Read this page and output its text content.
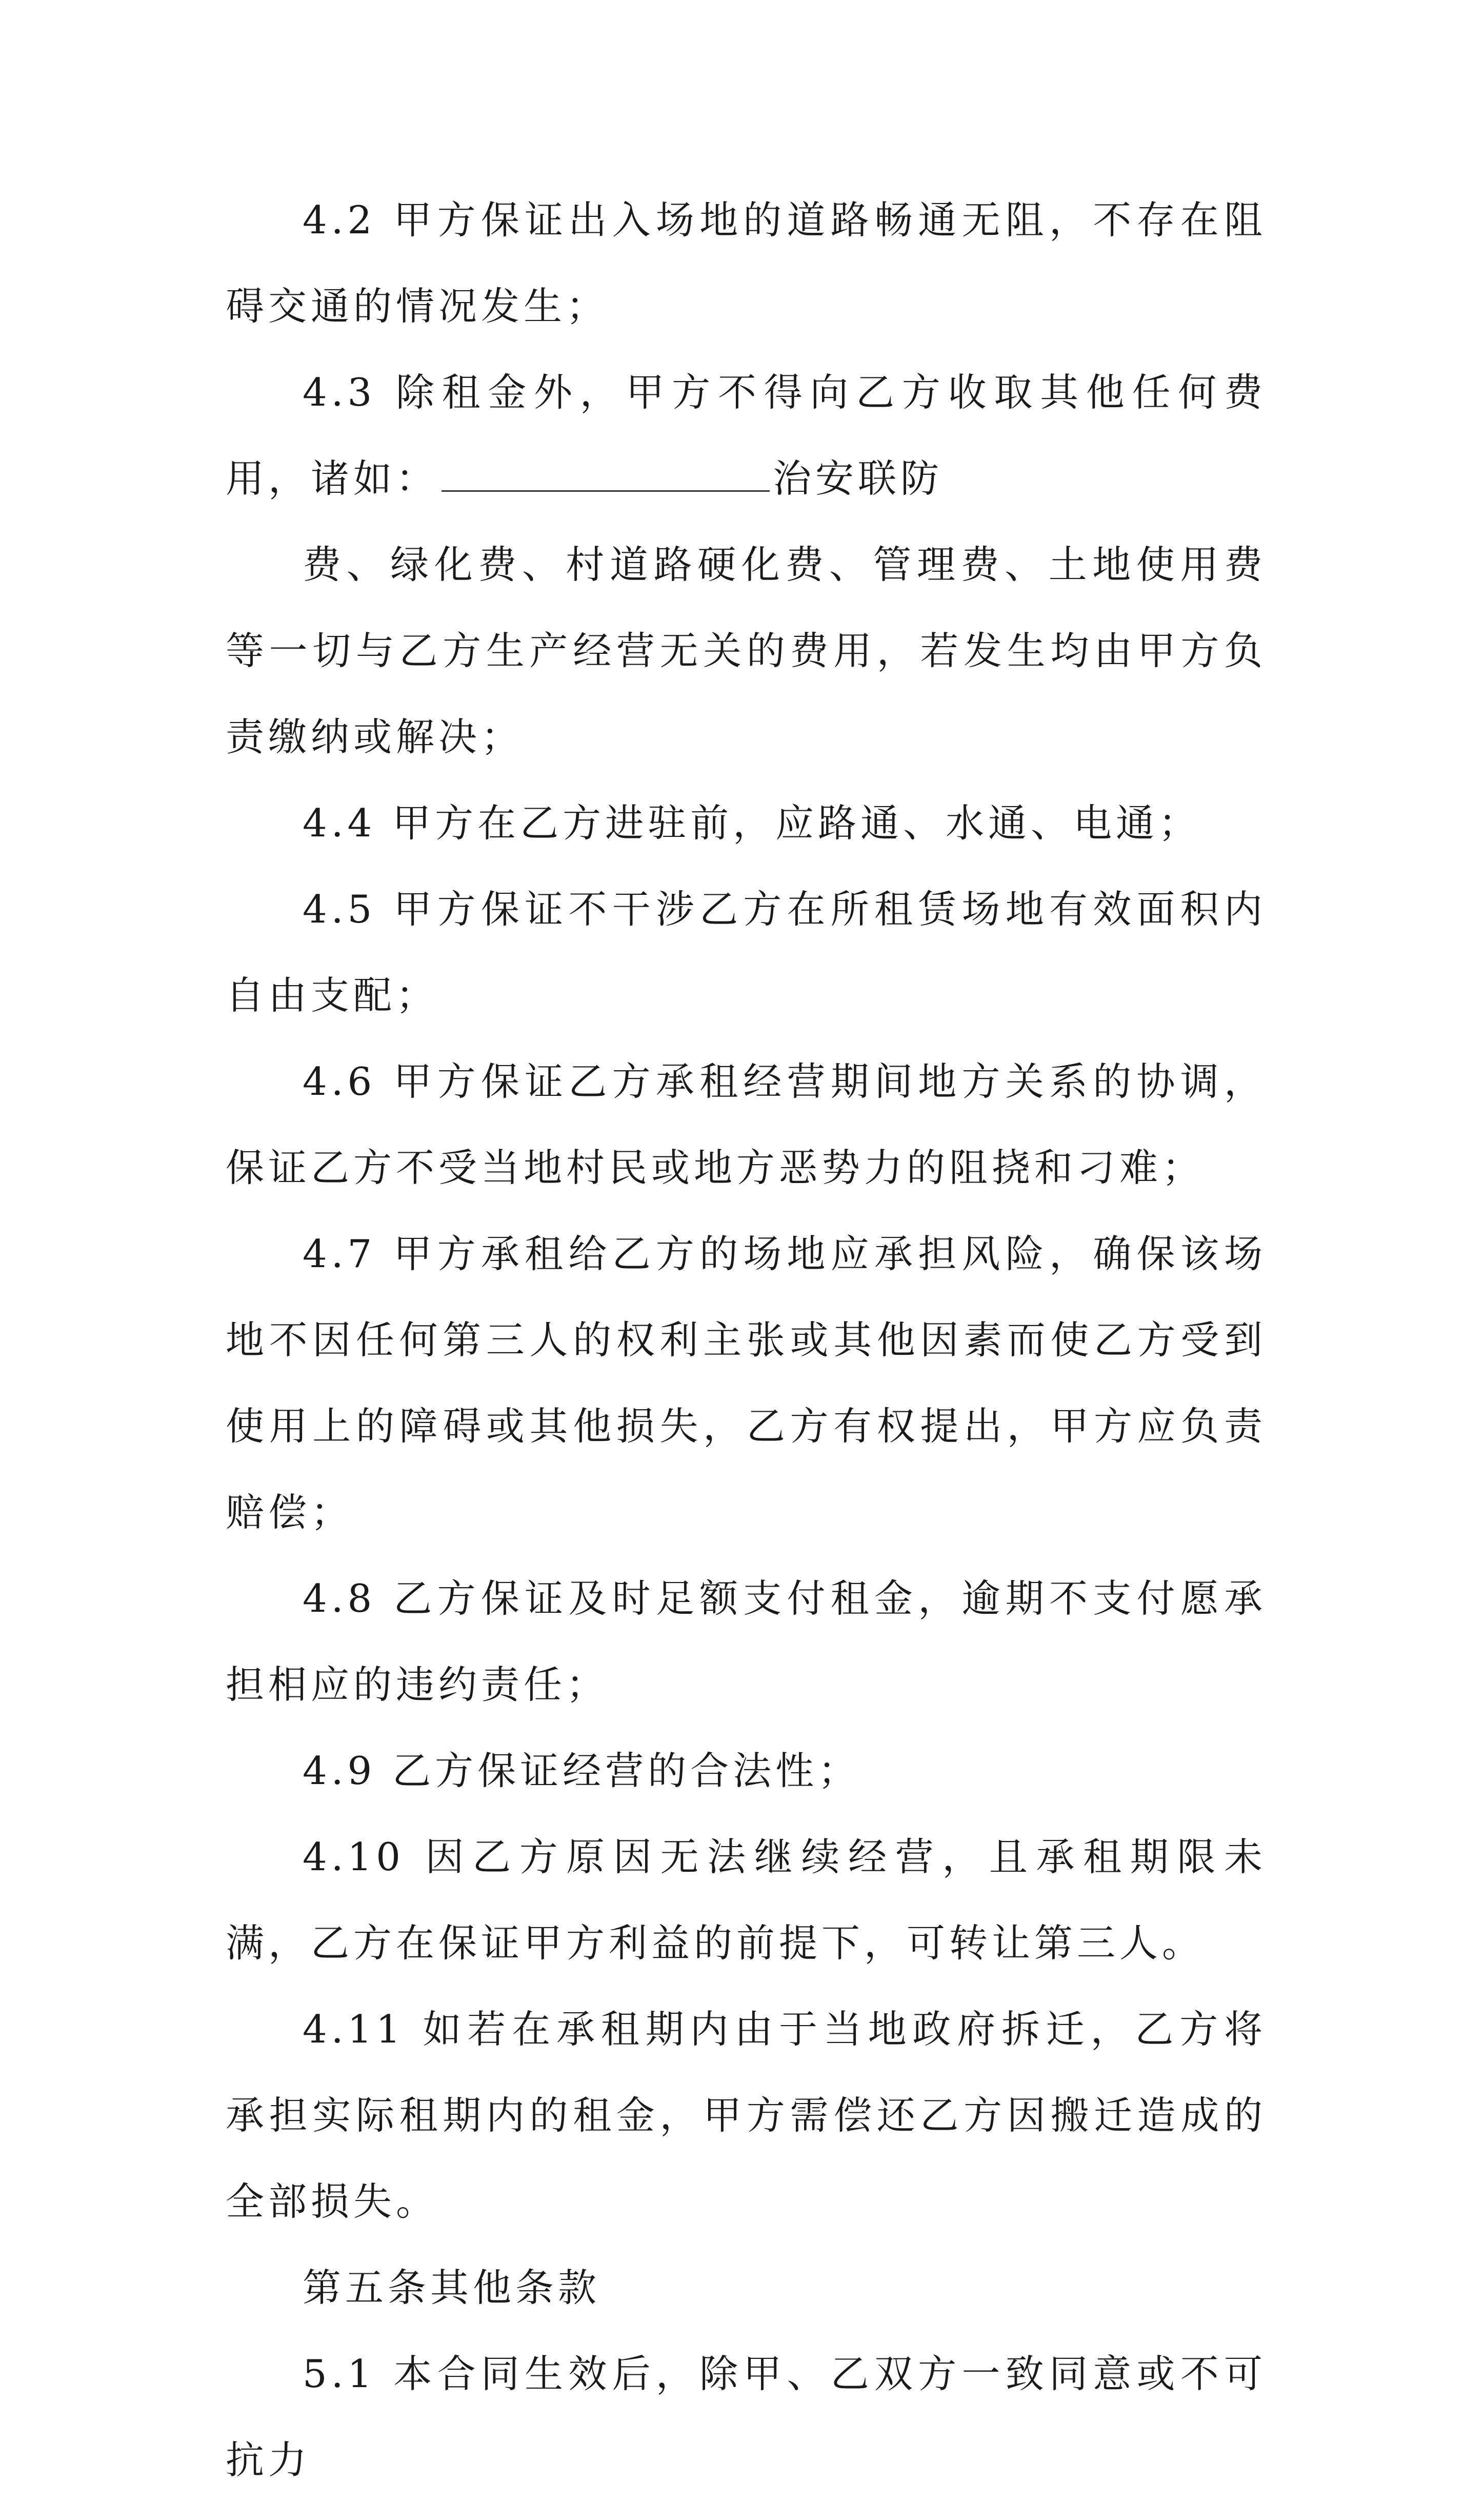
4.2 甲方保证出入场地的道路畅通无阻，不存在阻碍交通的情况发生；

4.3 除租金外，甲方不得向乙方收取其他任何费用，诸如：	治安联防

费、绿化费、村道路硬化费、管理费、土地使用费等一切与乙方生产经营无关的费用，若发生均由甲方负责缴纳或解决；

4.4 甲方在乙方进驻前，应路通、水通、电通；

4.5 甲方保证不干涉乙方在所租赁场地有效面积内自由支配；

4.6 甲方保证乙方承租经营期间地方关系的协调，保证乙方不受当地村民或地方恶势力的阻挠和刁难；

4.7 甲方承租给乙方的场地应承担风险，确保该场地不因任何第三人的权利主张或其他因素而使乙方受到使用上的障碍或其他损失，乙方有权提出，甲方应负责赔偿；

4.8 乙方保证及时足额支付租金，逾期不支付愿承担相应的违约责任；

4.9 乙方保证经营的合法性；

4.10 因乙方原因无法继续经营，且承租期限未满，乙方在保证甲方利益的前提下，可转让第三人。

4.11 如若在承租期内由于当地政府拆迁，乙方将承担实际租期内的租金，甲方需偿还乙方因搬迁造成的全部损失。

第五条其他条款

5.1 本合同生效后，除甲、乙双方一致同意或不可抗力
